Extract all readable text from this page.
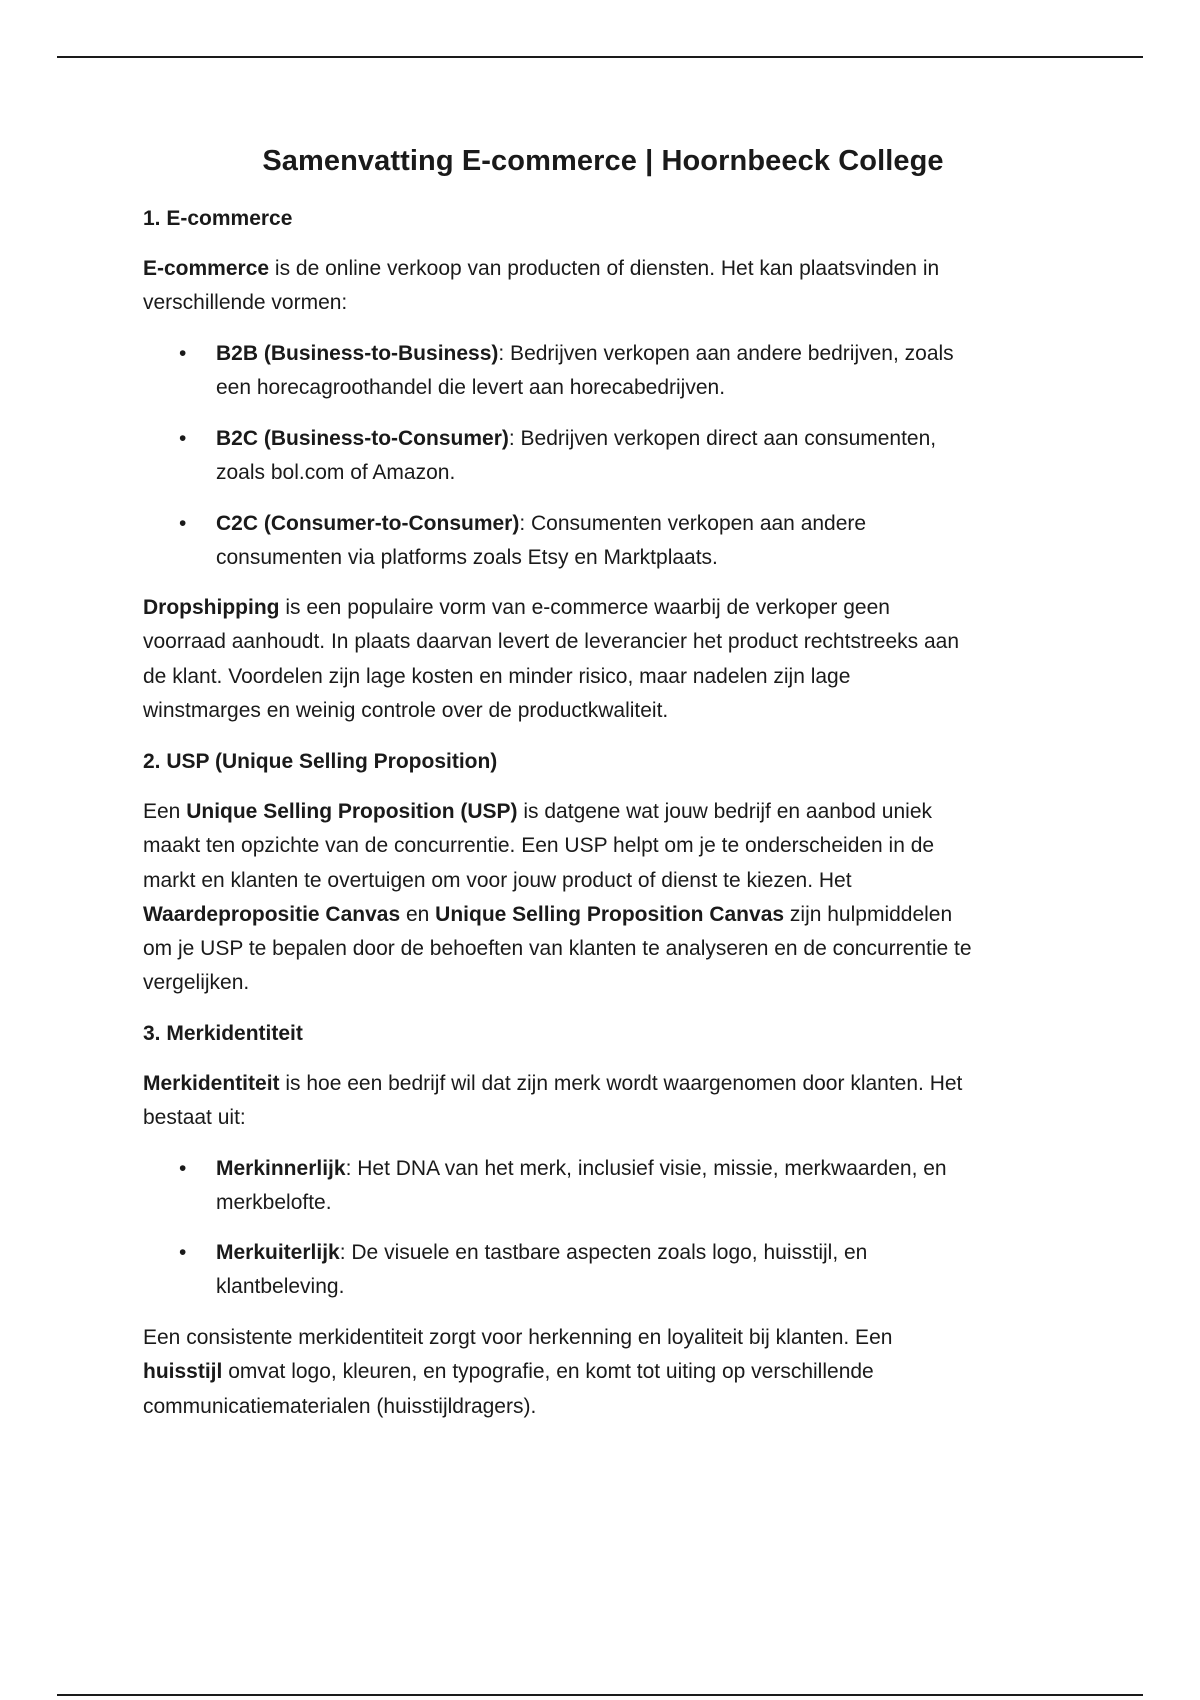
Samenvatting E-commerce | Hoornbeeck College
1. E-commerce
E-commerce is de online verkoop van producten of diensten. Het kan plaatsvinden in
verschillende vormen:
• B2B (Business-to-Business): Bedrijven verkopen aan andere bedrijven, zoals
een horecagroothandel die levert aan horecabedrijven.
• B2C (Business-to-Consumer): Bedrijven verkopen direct aan consumenten,
zoals bol.com of Amazon.
• C2C (Consumer-to-Consumer): Consumenten verkopen aan andere
consumenten via platforms zoals Etsy en Marktplaats.
Dropshipping is een populaire vorm van e-commerce waarbij de verkoper geen
voorraad aanhoudt. In plaats daarvan levert de leverancier het product rechtstreeks aan
de klant. Voordelen zijn lage kosten en minder risico, maar nadelen zijn lage
winstmarges en weinig controle over de productkwaliteit.
2. USP (Unique Selling Proposition)
Een Unique Selling Proposition (USP) is datgene wat jouw bedrijf en aanbod uniek
maakt ten opzichte van de concurrentie. Een USP helpt om je te onderscheiden in de
markt en klanten te overtuigen om voor jouw product of dienst te kiezen. Het
Waardepropositie Canvas en Unique Selling Proposition Canvas zijn hulpmiddelen
om je USP te bepalen door de behoeften van klanten te analyseren en de concurrentie te
vergelijken.
3. Merkidentiteit
Merkidentiteit is hoe een bedrijf wil dat zijn merk wordt waargenomen door klanten. Het
bestaat uit:
• Merkinnerlijk: Het DNA van het merk, inclusief visie, missie, merkwaarden, en
merkbelofte.
• Merkuiterlijk: De visuele en tastbare aspecten zoals logo, huisstijl, en
klantbeleving.
Een consistente merkidentiteit zorgt voor herkenning en loyaliteit bij klanten. Een
huisstijl omvat logo, kleuren, en typografie, en komt tot uiting op verschillende
communicatiematerialen (huisstijldragers).
